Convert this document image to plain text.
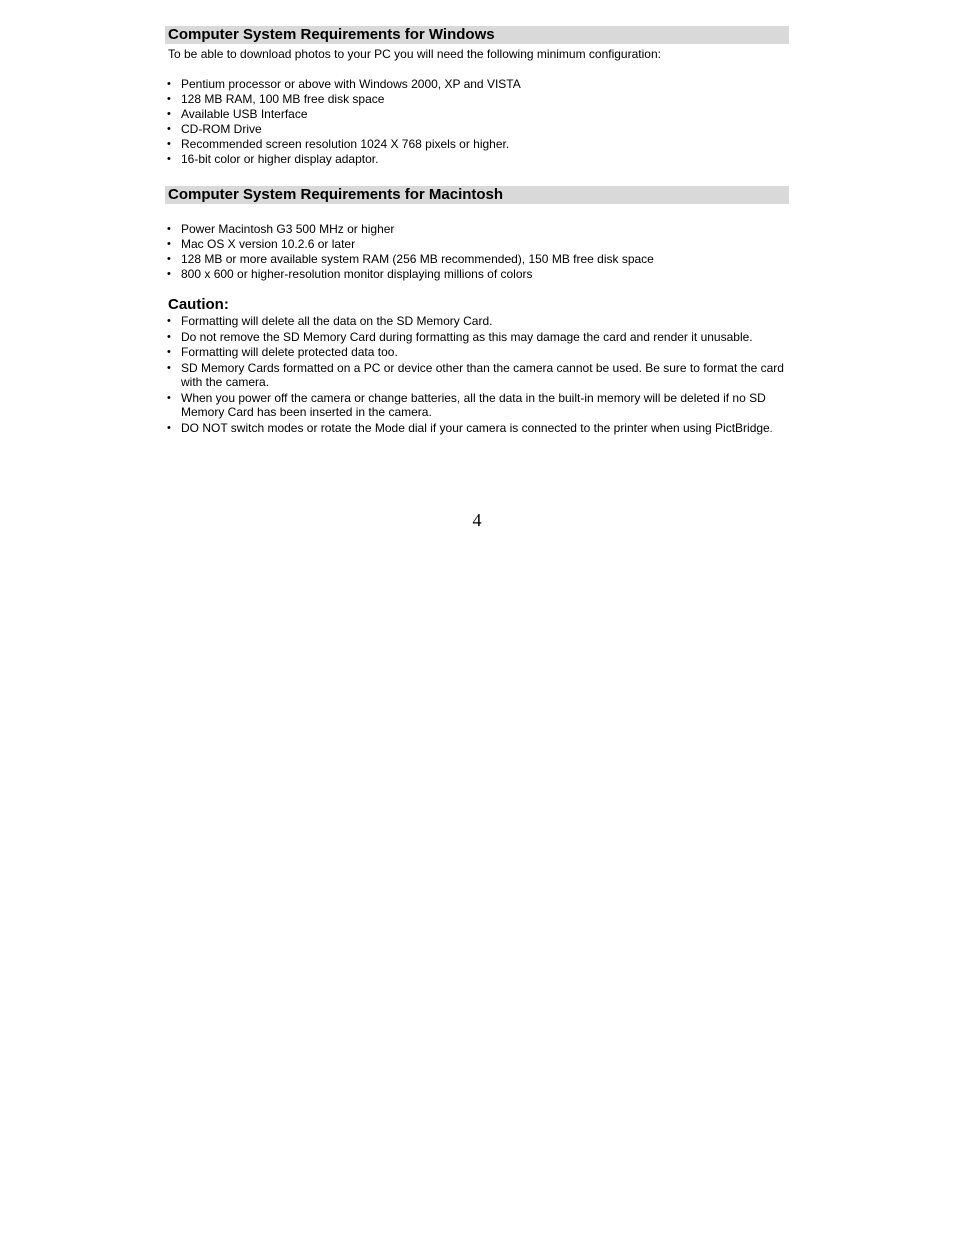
Computer System Requirements for Windows
To be able to download photos to your PC you will need the following minimum configuration:
• Pentium processor or above with Windows 2000, XP and VISTA
• 128 MB RAM, 100 MB free disk space
• Available USB Interface
• CD-ROM Drive
• Recommended screen resolution 1024 X 768 pixels or higher.
• 16-bit color or higher display adaptor.
Computer System Requirements for Macintosh
• Power Macintosh G3 500 MHz or higher
• Mac OS X version 10.2.6 or later
• 128 MB or more available system RAM (256 MB recommended), 150 MB free disk space
• 800 x 600 or higher-resolution monitor displaying millions of colors
Caution:
• Formatting will delete all the data on the SD Memory Card.
• Do not remove the SD Memory Card during formatting as this may damage the card and render it unusable.
• Formatting will delete protected data too.
• SD Memory Cards formatted on a PC or device other than the camera cannot be used. Be sure to format the card with the camera.
• When you power off the camera or change batteries, all the data in the built-in memory will be deleted if no SD Memory Card has been inserted in the camera.
• DO NOT switch modes or rotate the Mode dial if your camera is connected to the printer when using PictBridge.
4
